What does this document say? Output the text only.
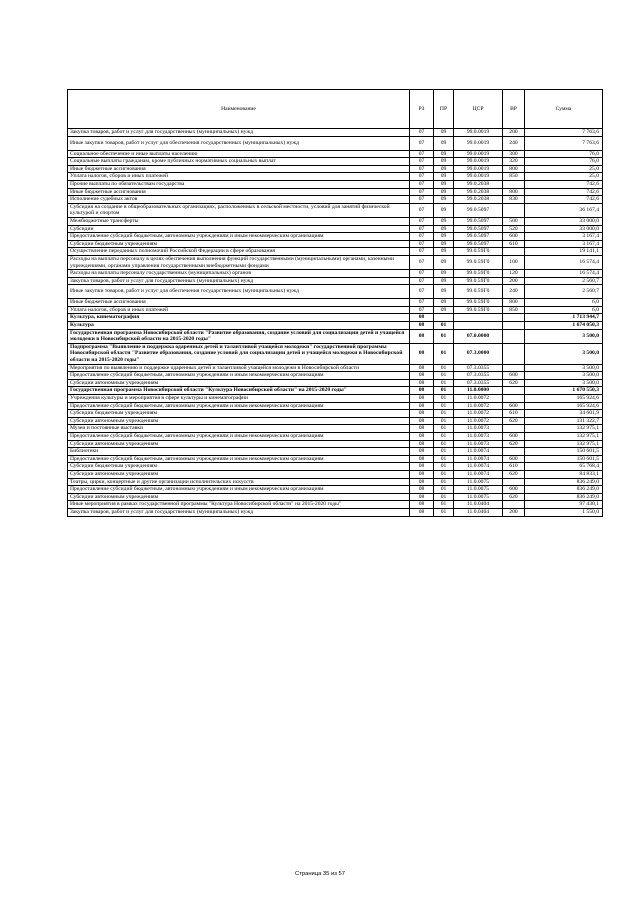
Наименование	РЗ	ПР	ЦСР	ВР	Сумма
Закупка товаров, работ и услуг для государственных (муниципальных) нужд	07	09	99.0.0019	200	7 763,6
Иные закупки товаров, работ и услуг для обеспечения государственных (муниципальных) нужд	07	09	99.0.0019	240	7 763,6
Социальное обеспечение и иные выплаты населению	07	09	99.0.0019	300	76,0
Социальные выплаты гражданам, кроме публичных нормативных социальных выплат	07	09	99.0.0019	320	76,0
Иные бюджетные ассигнования	07	09	99.0.0019	800	25,0
Уплата налогов, сборов и иных платежей	07	09	99.0.0019	850	25,0
Прочие выплаты по обязательствам государства	07	09	99.0.2038		742,6
Иные бюджетные ассигнования	07	09	99.0.2038	800	742,6
Исполнение судебных актов	07	09	99.0.2038	830	742,6
Субсидия на создание в общеобразовательных организациях, расположенных в сельской местности, условий для занятий физической культурой и спортом	07	09	99.0.5097		36 167,4
Межбюджетные трансферты	07	09	99.0.5097	500	33 000,0
Субсидии	07	09	99.0.5097	520	33 000,0
Предоставление субсидий бюджетным, автономным учреждениям и иным некоммерческим организациям	07	09	99.0.5097	600	3 167,4
Субсидии бюджетным учреждениям	07	09	99.0.5097	610	3 167,4
Осуществление переданных полномочий Российской Федерации в сфере образования	07	09	99.0.59Г0		19 141,1
Расходы на выплаты персоналу в целях обеспечения выполнения функций государственными (муниципальными) органами, казенными учреждениями, органами управления государственными внебюджетными фондами	07	09	99.0.59Г0	100	16 574,4
Расходы на выплаты персоналу государственных (муниципальных) органов	07	09	99.0.59Г0	120	16 574,4
Закупка товаров, работ и услуг для государственных (муниципальных) нужд	07	09	99.0.59Г0	200	2 560,7
Иные закупки товаров, работ и услуг для обеспечения государственных (муниципальных) нужд	07	09	99.0.59Г0	240	2 560,7
Иные бюджетные ассигнования	07	09	99.0.59Г0	800	6,0
Уплата налогов, сборов и иных платежей	07	09	99.0.59Г0	850	6,0
Культура, кинематография	08				1 713 944,7
Культура	08	01			1 674 050,3
Государственная программа Новосибирской области "Развитие образования, создание условий для социализации детей и учащейся молодежи в Новосибирской области на 2015-2020 годы"	08	01	07.0.0000		3 500,0
Подпрограмма "Выявление и поддержка одаренных детей и талантливой учащейся молодежи" государственной программы Новосибирской области "Развитие образования, создание условий для социализации детей и учащейся молодежи в Новосибирской области на 2015-2020 годы"	08	01	07.3.0000		3 500,0
Мероприятия по выявлению и поддержке одаренных детей и талантливой учащейся молодежи в Новосибирской области	08	01	07.3.0355		3 500,0
Предоставление субсидий бюджетным, автономным учреждениям и иным некоммерческим организациям	08	01	07.3.0355	600	3 500,0
Субсидии автономным учреждениям	08	01	07.3.0355	620	3 500,0
Государственная программа Новосибирской области "Культура Новосибирской области" на 2015-2020 годы"	08	01	11.0.0000		1 670 550,3
Учреждения культуры и мероприятия в сфере культуры и кинематографии	08	01	11.0.0072		165 924,6
Предоставление субсидий бюджетным, автономным учреждениям и иным некоммерческим организациям	08	01	11.0.0072	600	165 924,6
Субсидии бюджетным учреждениям	08	01	11.0.0072	610	34 601,9
Субсидии автономным учреждениям	08	01	11.0.0072	620	131 322,7
Музеи и постоянные выставки	08	01	11.0.0073		132 975,1
Предоставление субсидий бюджетным, автономным учреждениям и иным некоммерческим организациям	08	01	11.0.0073	600	132 975,1
Субсидии автономным учреждениям	08	01	11.0.0073	620	132 975,1
Библиотеки	08	01	11.0.0074		150 601,5
Предоставление субсидий бюджетным, автономным учреждениям и иным некоммерческим организациям	08	01	11.0.0074	600	150 601,5
Субсидии бюджетным учреждениям	08	01	11.0.0074	610	65 768,4
Субсидии автономным учреждениям	08	01	11.0.0074	620	84 833,1
Театры, цирки, концертные и другие организации исполнительских искусств	08	01	11.0.0075		836 249,0
Предоставление субсидий бюджетным, автономным учреждениям и иным некоммерческим организациям	08	01	11.0.0075	600	836 249,0
Субсидии автономным учреждениям	08	01	11.0.0075	620	836 249,0
Иные мероприятия в рамках государственной программы "Культура Новосибирской области" на 2015-2020 годы"	08	01	11.0.0404		97 430,1
Закупка товаров, работ и услуг для государственных (муниципальных) нужд	08	01	11.0.0404	200	1 550,0
Страница 35 из 57
